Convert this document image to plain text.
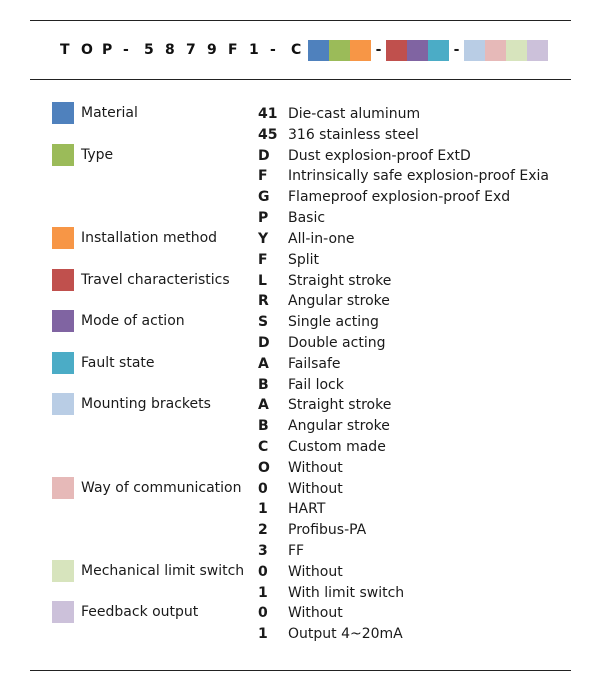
T O P -	5 8 7 9 F 1 -	C	-	-
Material
Type
Installation method
Travel characteristics
Mode of action
Fault state
Mounting brackets
Way of communication
Mechanical limit switch
Feedback output
41 Die-cast aluminum
45 316 stainless steel
D	Dust explosion-proof ExtD
F	Intrinsically safe explosion-proof Exia
G	Flameproof explosion-proof Exd
P	Basic
Y	All-in-one
F	Split
L	Straight stroke
R	Angular stroke
S	Single acting
D	Double acting
A	Failsafe
B	Fail lock
A	Straight stroke
B	Angular stroke
C	Custom made
O	Without
0	Without
1	HART
2	Profibus-PA
3	FF
0	Without
1	With limit switch
0	Without
1	Output 4~20mA
